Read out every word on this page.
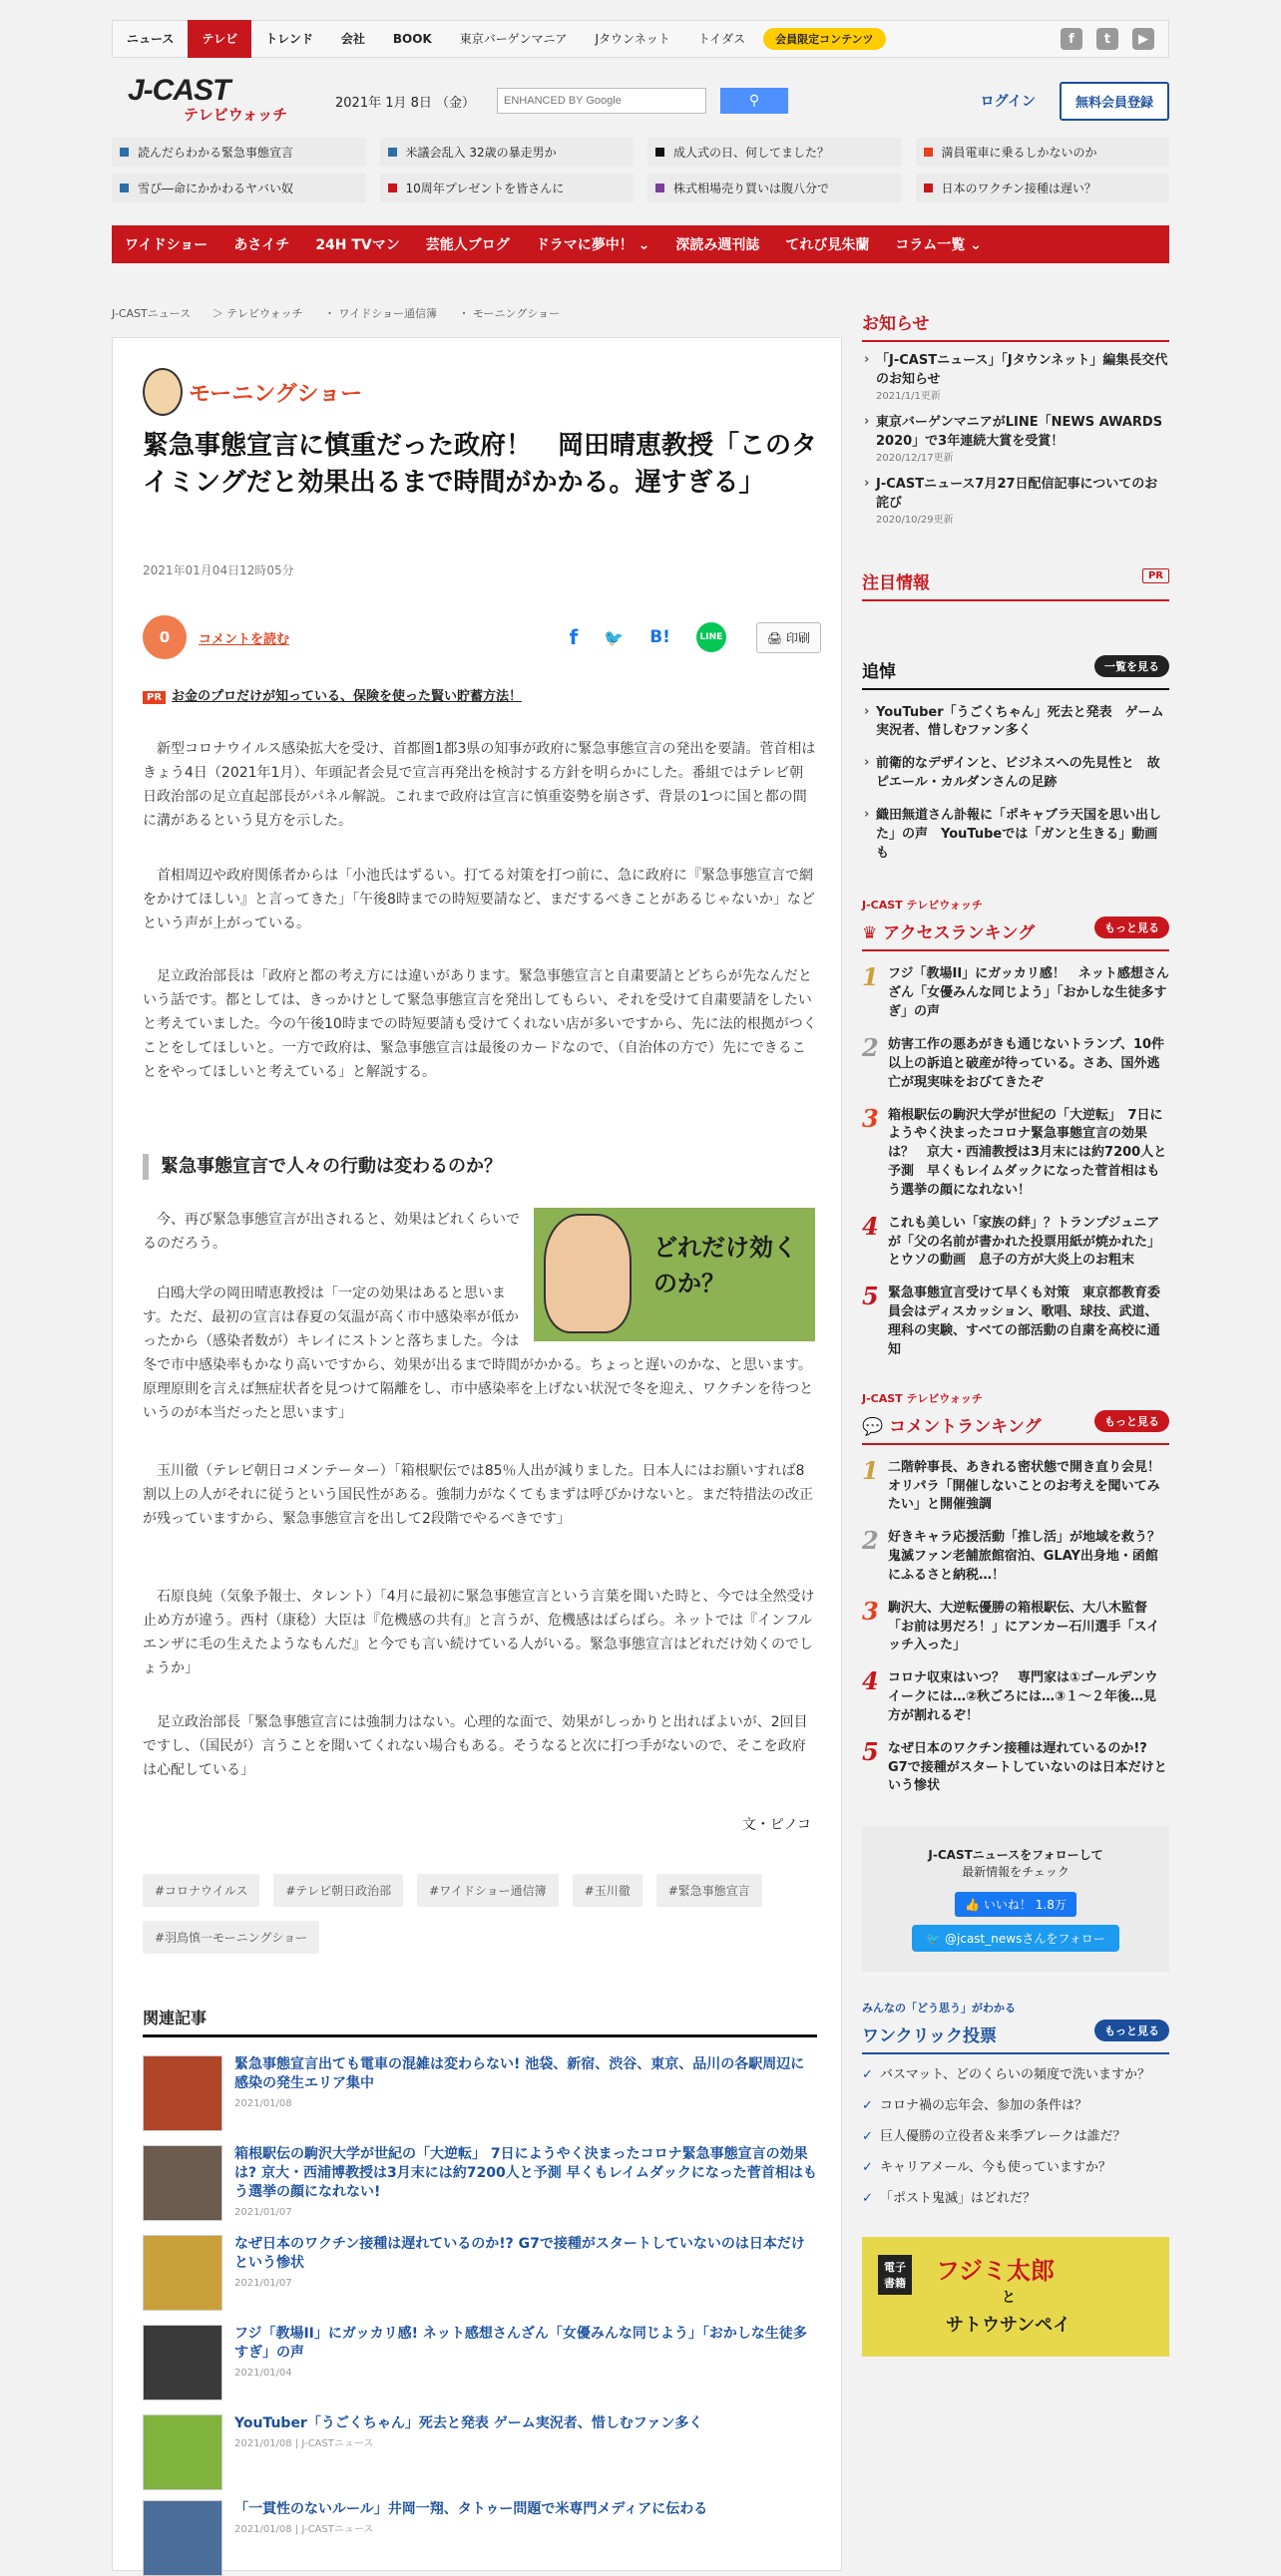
ニュース	テレビ	トレンド	会社	BOOK	東京バーゲンマニア	Jタウンネット	トイダス	会員限定コンテンツ	f	t	▶
J-CAST
テレビウォッチ
2021年 1月 8日 （金）
ENHANCED BY Google	⚲	ログイン	無料会員登録
読んだらわかる緊急事態宣言	米議会乱入 32歳の暴走男か	成人式の日、何してました？	満員電車に乗るしかないのか
雪ぴ―命にかかわるヤバい奴	10周年プレゼントを皆さんに	株式相場売り買いは腹八分で	日本のワクチン接種は遅い？
ワイドショー	あさイチ	24H TVマン	芸能人ブログ	ドラマに夢中！ ⌄	深読み週刊誌	てれび見朱蘭	コラム一覧 ⌄
J-CASTニュース ＞ テレビウォッチ ・ ワイドショー通信簿 ・ モーニングショー
モーニングショー
緊急事態宣言に慎重だった政府！　岡田晴恵教授「このタイミングだと効果出るまで時間がかかる。遅すぎる」
2021年01月04日12時05分
0	コメントを読む	f 🐦 B!	LINE	🖨 印刷
PR お金のプロだけが知っている、保険を使った賢い貯蓄方法！

新型コロナウイルス感染拡大を受け、首都圏1都3県の知事が政府に緊急事態宣言の発出を要請。菅首相はきょう4日（2021年1月）、年頭記者会見で宣言再発出を検討する方針を明らかにした。番組ではテレビ朝日政治部の足立直起部長がパネル解説。これまで政府は宣言に慎重姿勢を崩さず、背景の1つに国と都の間に溝があるという見方を示した。

首相周辺や政府関係者からは「小池氏はずるい。打てる対策を打つ前に、急に政府に『緊急事態宣言で網をかけてほしい』と言ってきた」「午後8時までの時短要請など、まだするべきことがあるじゃないか」などという声が上がっている。

足立政治部長は「政府と都の考え方には違いがあります。緊急事態宣言と自粛要請とどちらが先なんだという話です。都としては、きっかけとして緊急事態宣言を発出してもらい、それを受けて自粛要請をしたいと考えていました。今の午後10時までの時短要請も受けてくれない店が多いですから、先に法的根拠がつくことをしてほしいと。一方で政府は、緊急事態宣言は最後のカードなので、（自治体の方で）先にできることをやってほしいと考えている」と解説する。

緊急事態宣言で人々の行動は変わるのか？
どれだけ効くのか？

今、再び緊急事態宣言が出されると、効果はどれくらいでるのだろう。

白鴎大学の岡田晴恵教授は「一定の効果はあると思います。ただ、最初の宣言は春夏の気温が高く市中感染率が低かったから（感染者数が）キレイにストンと落ちました。今は冬で市中感染率もかなり高いですから、効果が出るまで時間がかかる。ちょっと遅いのかな、と思います。原理原則を言えば無症状者を見つけて隔離をし、市中感染率を上げない状況で冬を迎え、ワクチンを待つというのが本当だったと思います」

玉川徹（テレビ朝日コメンテーター）「箱根駅伝では85％人出が減りました。日本人にはお願いすれば8割以上の人がそれに従うという国民性がある。強制力がなくてもまずは呼びかけないと。まだ特措法の改正が残っていますから、緊急事態宣言を出して2段階でやるべきです」

石原良純（気象予報士、タレント）「4月に最初に緊急事態宣言という言葉を聞いた時と、今では全然受け止め方が違う。西村（康稔）大臣は『危機感の共有』と言うが、危機感はばらばら。ネットでは『インフルエンザに毛の生えたようなもんだ』と今でも言い続けている人がいる。緊急事態宣言はどれだけ効くのでしょうか」

足立政治部長「緊急事態宣言には強制力はない。心理的な面で、効果がしっかりと出ればよいが、2回目ですし、（国民が）言うことを聞いてくれない場合もある。そうなると次に打つ手がないので、そこを政府は心配している」

文・ピノコ
#コロナウイルス	#テレビ朝日政治部	#ワイドショー通信簿	#玉川徹	#緊急事態宣言
#羽鳥慎一モーニングショー
関連記事
緊急事態宣言出ても電車の混雑は変わらない! 池袋、新宿、渋谷、東京、品川の各駅周辺に感染の発生エリア集中
2021/01/08
箱根駅伝の駒沢大学が世紀の「大逆転」 7日にようやく決まったコロナ緊急事態宣言の効果は? 京大・西浦博教授は3月末には約7200人と予測 早くもレイムダックになった菅首相はもう選挙の顔になれない!
2021/01/07
なぜ日本のワクチン接種は遅れているのか!? G7で接種がスタートしていないのは日本だけという惨状
2021/01/07
フジ「教場II」にガッカリ感! ネット感想さんざん「女優みんな同じよう」「おかしな生徒多すぎ」の声
2021/01/04
YouTuber「うごくちゃん」死去と発表 ゲーム実況者、惜しむファン多く
2021/01/08 | J-CASTニュース
「一貫性のないルール」井岡一翔、タトゥー問題で米専門メディアに伝わる
2021/01/08 | J-CASTニュース
お知らせ
› 「J-CASTニュース」「Jタウンネット」編集長交代のお知らせ
2021/1/1更新
› 東京バーゲンマニアがLINE「NEWS AWARDS 2020」で3年連続大賞を受賞！
2020/12/17更新
› J-CASTニュース7月27日配信記事についてのお詫び
2020/10/29更新
注目情報	PR
追悼	一覧を見る
› YouTuber「うごくちゃん」死去と発表　ゲーム実況者、惜しむファン多く
› 前衛的なデザインと、ビジネスへの先見性と　故ピエール・カルダンさんの足跡
› 織田無道さん訃報に「ポキャブラ天国を思い出した」の声　YouTubeでは「ガンと生きる」動画も
J-CAST テレビウォッチ
♛ アクセスランキング	もっと見る
1 フジ「教場II」にガッカリ感！　ネット感想さんざん「女優みんな同じよう」「おかしな生徒多すぎ」の声
2 妨害工作の悪あがきも通じないトランプ、10件以上の訴追と破産が待っている。さあ、国外逃亡が現実味をおびてきたぞ
3 箱根駅伝の駒沢大学が世紀の「大逆転」　7日にようやく決まったコロナ緊急事態宣言の効果は？　京大・西浦教授は3月末には約7200人と予測　早くもレイムダックになった菅首相はもう選挙の顔になれない！
4 これも美しい「家族の絆」？トランプジュニアが「父の名前が書かれた投票用紙が焼かれた」とウソの動画　息子の方が大炎上のお粗末
5 緊急事態宣言受けて早くも対策　東京都教育委員会はディスカッション、歌唱、球技、武道、理科の実験、すべての部活動の自粛を高校に通知
J-CAST テレビウォッチ
💬 コメントランキング	もっと見る
1 二階幹事長、あきれる密状態で開き直り会見！オリパラ「開催しないことのお考えを聞いてみたい」と開催強調
2 好きキャラ応援活動「推し活」が地域を救う？　鬼滅ファン老舗旅館宿泊、GLAY出身地・函館にふるさと納税…！
3 駒沢大、大逆転優勝の箱根駅伝、大八木監督「お前は男だろ！」にアンカー石川選手「スイッチ入った」
4 コロナ収束はいつ？　専門家は①ゴールデンウイークには…②秋ごろには…③１～２年後…見方が割れるぞ！
5 なぜ日本のワクチン接種は遅れているのか!?　G7で接種がスタートしていないのは日本だけという惨状
J-CASTニュースをフォローして
最新情報をチェック
👍 いいね！ 1.8万
🐦 @jcast_newsさんをフォロー
みんなの「どう思う」がわかる
ワンクリック投票	もっと見る
✓ バスマット、どのくらいの頻度で洗いますか？
✓ コロナ禍の忘年会、参加の条件は？
✓ 巨人優勝の立役者＆来季ブレークは誰だ？
✓ キャリアメール、今も使っていますか？
✓ 「ポスト鬼滅」はどれだ？
電子書籍 フジミ太郎
と
サトウサンペイ
